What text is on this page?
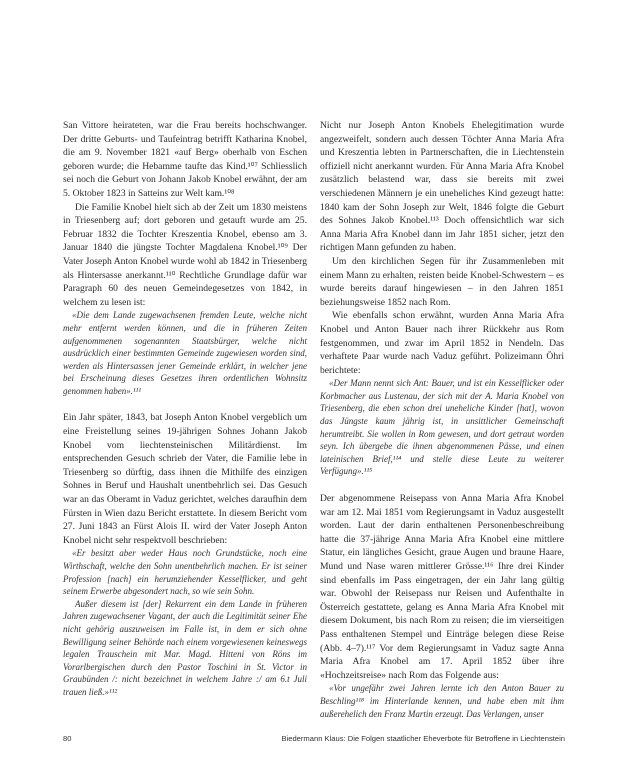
San Vittore heirateten, war die Frau bereits hochschwanger. Der dritte Geburts- und Taufeintrag betrifft Katharina Knobel, die am 9. November 1821 «auf Berg» oberhalb von Eschen geboren wurde; die Hebamme taufte das Kind.¹⁰⁷ Schliesslich sei noch die Geburt von Johann Jakob Knobel erwähnt, der am 5. Oktober 1823 in Satteins zur Welt kam.¹⁰⁸

Die Familie Knobel hielt sich ab der Zeit um 1830 meistens in Triesenberg auf; dort geboren und getauft wurde am 25. Februar 1832 die Tochter Kreszentia Knobel, ebenso am 3. Januar 1840 die jüngste Tochter Magdalena Knobel.¹⁰⁹ Der Vater Joseph Anton Knobel wurde wohl ab 1842 in Triesenberg als Hintersasse anerkannt.¹¹⁰ Rechtliche Grundlage dafür war Paragraph 60 des neuen Gemeindegesetzes von 1842, in welchem zu lesen ist:

«Die dem Lande zugewachsenen fremden Leute, welche nicht mehr entfernt werden können, und die in früheren Zeiten aufgenommenen sogenannten Staatsbürger, welche nicht ausdrücklich einer bestimmten Gemeinde zugewiesen worden sind, werden als Hintersassen jener Gemeinde erklärt, in welcher jene bei Erscheinung dieses Gesetzes ihren ordentlichen Wohnsitz genommen haben».¹¹¹

Ein Jahr später, 1843, bat Joseph Anton Knobel vergeblich um eine Freistellung seines 19-jährigen Sohnes Johann Jakob Knobel vom liechtensteinischen Militärdienst. Im entsprechenden Gesuch schrieb der Vater, die Familie lebe in Triesenberg so dürftig, dass ihnen die Mithilfe des einzigen Sohnes in Beruf und Haushalt unentbehrlich sei. Das Gesuch war an das Oberamt in Vaduz gerichtet, welches daraufhin dem Fürsten in Wien dazu Bericht erstattete. In diesem Bericht vom 27. Juni 1843 an Fürst Alois II. wird der Vater Joseph Anton Knobel nicht sehr respektvoll beschrieben:

«Er besitzt aber weder Haus noch Grundstücke, noch eine Wirthschaft, welche den Sohn unentbehrlich machen. Er ist seiner Profession [nach] ein herumziehender Kesselflicker, und geht seinem Erwerbe abgesondert nach, so wie sein Sohn.

Außer diesem ist [der] Rekurrent ein dem Lande in früheren Jahren zugewachsener Vagant, der auch die Legitimität seiner Ehe nicht gehörig auszuweisen im Falle ist, in dem er sich ohne Bewilligung seiner Behörde nach einem vorgewiesenen keineswegs legalen Trauschein mit Mar. Magd. Hitteni von Röns im Vorarlbergischen durch den Pastor Toschini in St. Victor in Graubünden /: nicht bezeichnet in welchem Jahre :/ am 6.t Juli trauen ließ.»¹¹²

Nicht nur Joseph Anton Knobels Ehelegitimation wurde angezweifelt, sondern auch dessen Töchter Anna Maria Afra und Kreszentia lebten in Partnerschaften, die in Liechtenstein offiziell nicht anerkannt wurden. Für Anna Maria Afra Knobel zusätzlich belastend war, dass sie bereits mit zwei verschiedenen Männern je ein uneheliches Kind gezeugt hatte: 1840 kam der Sohn Joseph zur Welt, 1846 folgte die Geburt des Sohnes Jakob Knobel.¹¹³ Doch offensichtlich war sich Anna Maria Afra Knobel dann im Jahr 1851 sicher, jetzt den richtigen Mann gefunden zu haben.

Um den kirchlichen Segen für ihr Zusammenleben mit einem Mann zu erhalten, reisten beide Knobel-Schwestern – es wurde bereits darauf hingewiesen – in den Jahren 1851 beziehungsweise 1852 nach Rom.

Wie ebenfalls schon erwähnt, wurden Anna Maria Afra Knobel und Anton Bauer nach ihrer Rückkehr aus Rom festgenommen, und zwar im April 1852 in Nendeln. Das verhaftete Paar wurde nach Vaduz geführt. Polizeimann Öhri berichtete:

«Der Mann nennt sich Ant: Bauer, und ist ein Kesselflicker oder Korbmacher aus Lustenau, der sich mit der A. Maria Knobel von Triesenberg, die eben schon drei uneheliche Kinder [hat], wovon das Jüngste kaum jährig ist, in unsittlicher Gemeinschaft herumtreibt. Sie wollen in Rom gewesen, und dort getraut worden seyn. Ich übergebe die ihnen abgenommenen Pässe, und einen lateinischen Brief,¹¹⁴ und stelle diese Leute zu weiterer Verfügung».¹¹⁵

Der abgenommene Reisepass von Anna Maria Afra Knobel war am 12. Mai 1851 vom Regierungsamt in Vaduz ausgestellt worden. Laut der darin enthaltenen Personenbeschreibung hatte die 37-jährige Anna Maria Afra Knobel eine mittlere Statur, ein längliches Gesicht, graue Augen und braune Haare, Mund und Nase waren mittlerer Grösse.¹¹⁶ Ihre drei Kinder sind ebenfalls im Pass eingetragen, der ein Jahr lang gültig war. Obwohl der Reisepass nur Reisen und Aufenthalte in Österreich gestattete, gelang es Anna Maria Afra Knobel mit diesem Dokument, bis nach Rom zu reisen; die im vierseitigen Pass enthaltenen Stempel und Einträge belegen diese Reise (Abb. 4–7).¹¹⁷ Vor dem Regierungsamt in Vaduz sagte Anna Maria Afra Knobel am 17. April 1852 über ihre «Hochzeitsreise» nach Rom das Folgende aus:

«Vor ungefähr zwei Jahren lernte ich den Anton Bauer zu Beschling¹¹⁸ im Hinterlande kennen, und habe eben mit ihm außerehelich den Franz Martin erzeugt. Das Verlangen, unser

80	Biedermann Klaus: Die Folgen staatlicher Eheverbote für Betroffene in Liechtenstein
